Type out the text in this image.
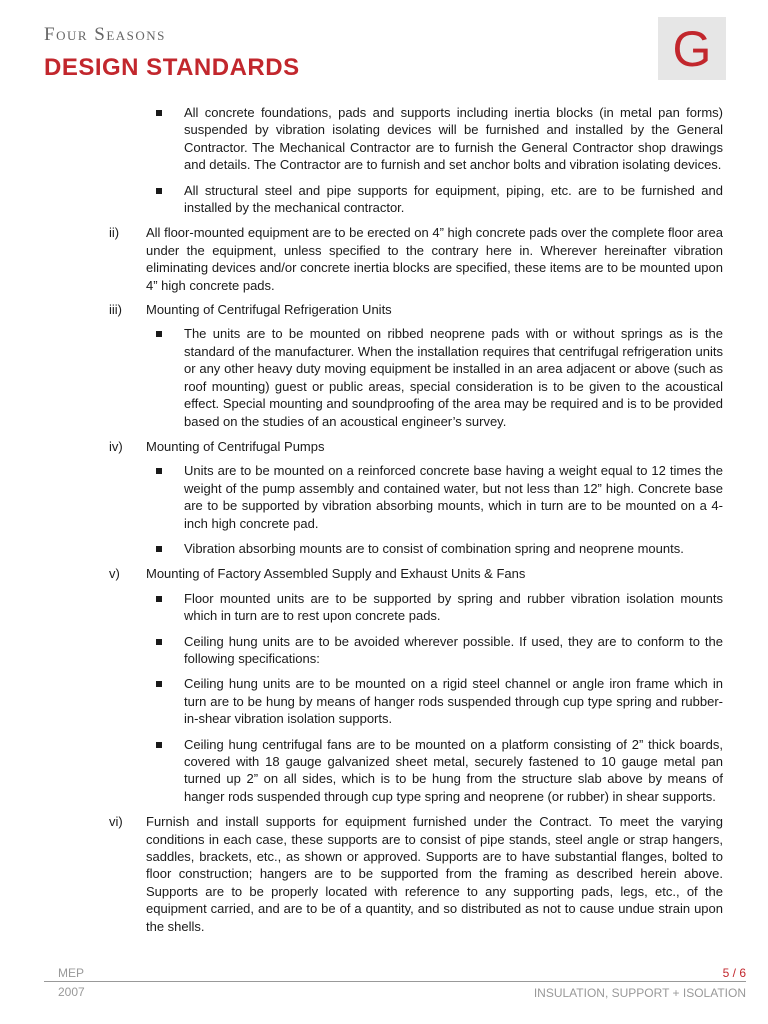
Four Seasons
DESIGN STANDARDS	G
All concrete foundations, pads and supports including inertia blocks (in metal pan forms) suspended by vibration isolating devices will be furnished and installed by the General Contractor. The Mechanical Contractor are to furnish the General Contractor shop drawings and details. The Contractor are to furnish and set anchor bolts and vibration isolating devices.
All structural steel and pipe supports for equipment, piping, etc. are to be furnished and installed by the mechanical contractor.
ii) All floor-mounted equipment are to be erected on 4” high concrete pads over the complete floor area under the equipment, unless specified to the contrary here in. Wherever hereinafter vibration eliminating devices and/or concrete inertia blocks are specified, these items are to be mounted upon 4” high concrete pads.
iii) Mounting of Centrifugal Refrigeration Units
The units are to be mounted on ribbed neoprene pads with or without springs as is the standard of the manufacturer. When the installation requires that centrifugal refrigeration units or any other heavy duty moving equipment be installed in an area adjacent or above (such as roof mounting) guest or public areas, special consideration is to be given to the acoustical effect. Special mounting and soundproofing of the area may be required and is to be provided based on the studies of an acoustical engineer’s survey.
iv) Mounting of Centrifugal Pumps
Units are to be mounted on a reinforced concrete base having a weight equal to 12 times the weight of the pump assembly and contained water, but not less than 12” high. Concrete base are to be supported by vibration absorbing mounts, which in turn are to be mounted on a 4-inch high concrete pad.
Vibration absorbing mounts are to consist of combination spring and neoprene mounts.
v) Mounting of Factory Assembled Supply and Exhaust Units & Fans
Floor mounted units are to be supported by spring and rubber vibration isolation mounts which in turn are to rest upon concrete pads.
Ceiling hung units are to be avoided wherever possible. If used, they are to conform to the following specifications:
Ceiling hung units are to be mounted on a rigid steel channel or angle iron frame which in turn are to be hung by means of hanger rods suspended through cup type spring and rubber-in-shear vibration isolation supports.
Ceiling hung centrifugal fans are to be mounted on a platform consisting of 2” thick boards, covered with 18 gauge galvanized sheet metal, securely fastened to 10 gauge metal pan turned up 2” on all sides, which is to be hung from the structure slab above by means of hanger rods suspended through cup type spring and neoprene (or rubber) in shear supports.
vi) Furnish and install supports for equipment furnished under the Contract. To meet the varying conditions in each case, these supports are to consist of pipe stands, steel angle or strap hangers, saddles, brackets, etc., as shown or approved. Supports are to have substantial flanges, bolted to floor construction; hangers are to be supported from the framing as described herein above. Supports are to be properly located with reference to any supporting pads, legs, etc., of the equipment carried, and are to be of a quantity, and so distributed as not to cause undue strain upon the shells.
MEP	5 / 6
2007	INSULATION, SUPPORT + ISOLATION
